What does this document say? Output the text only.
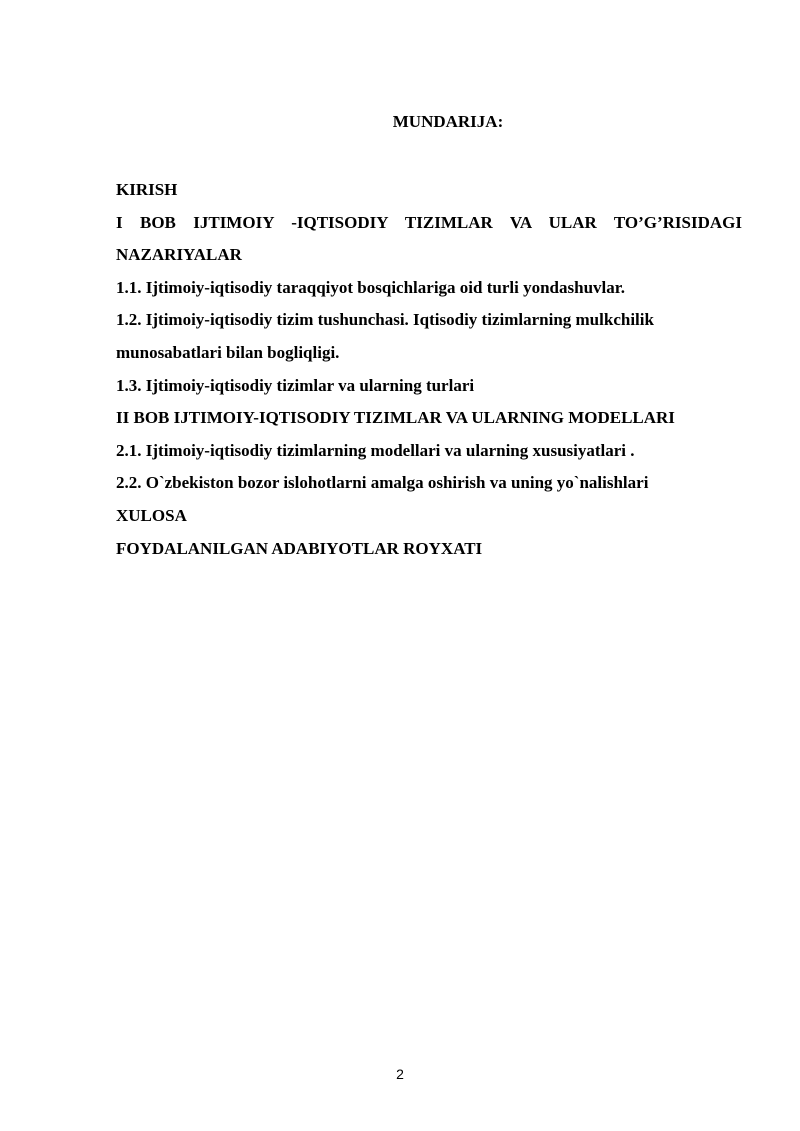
MUNDARIJA:
KIRISH
I BOB IJTIMOIY -IQTISODIY TIZIMLAR VA ULAR TO’G’RISIDAGI
NAZARIYALAR
1.1. Ijtimoiy-iqtisodiy taraqqiyot bosqichlariga oid turli yondashuvlar.
1.2. Ijtimoiy-iqtisodiy tizim tushunchasi. Iqtisodiy tizimlarning mulkchilik
munosabatlari bilan bogliqligi.
1.3. Ijtimoiy-iqtisodiy tizimlar va ularning turlari
II BOB IJTIMOIY-IQTISODIY TIZIMLAR VA ULARNING MODELLARI
2.1. Ijtimoiy-iqtisodiy tizimlarning modellari va ularning xususiyatlari .
2.2. O`zbekiston bozor islohotlarni amalga oshirish va uning yo`nalishlari
XULOSA
FOYDALANILGAN ADABIYOTLAR ROYXATI
2
